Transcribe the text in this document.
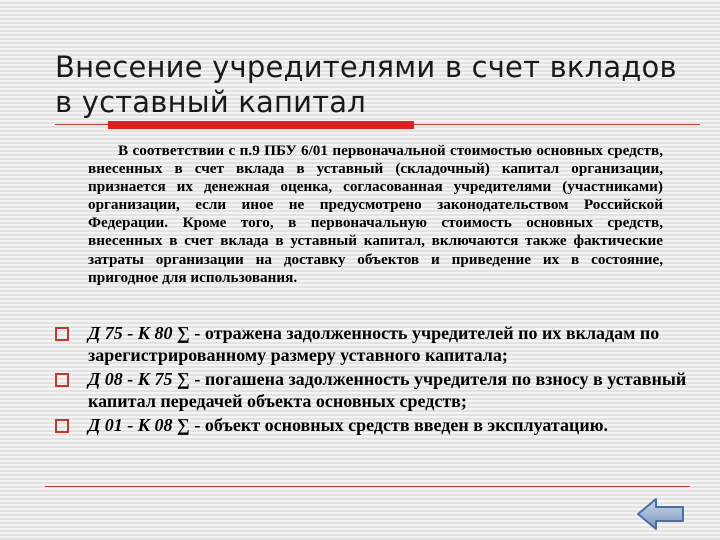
Внесение учредителями в счет вкладов в уставный капитал
В соответствии с п.9 ПБУ 6/01 первоначальной стоимостью основных средств, внесенных в счет вклада в уставный (складочный) капитал организации, признается их денежная оценка, согласованная учредителями (участниками) организации, если иное не предусмотрено законодательством Российской Федерации. Кроме того, в первоначальную стоимость основных средств, внесенных в счет вклада в уставный капитал, включаются также фактические затраты организации на доставку объектов и приведение их в состояние, пригодное для использования.
Д 75 - К 80 ∑ - отражена задолженность учредителей по их вкладам по зарегистрированному размеру уставного капитала;
Д 08 - К 75 ∑ - погашена задолженность учредителя по взносу в уставный капитал передачей объекта основных средств;
Д 01 - К 08 ∑ - объект основных средств введен в эксплуатацию.
